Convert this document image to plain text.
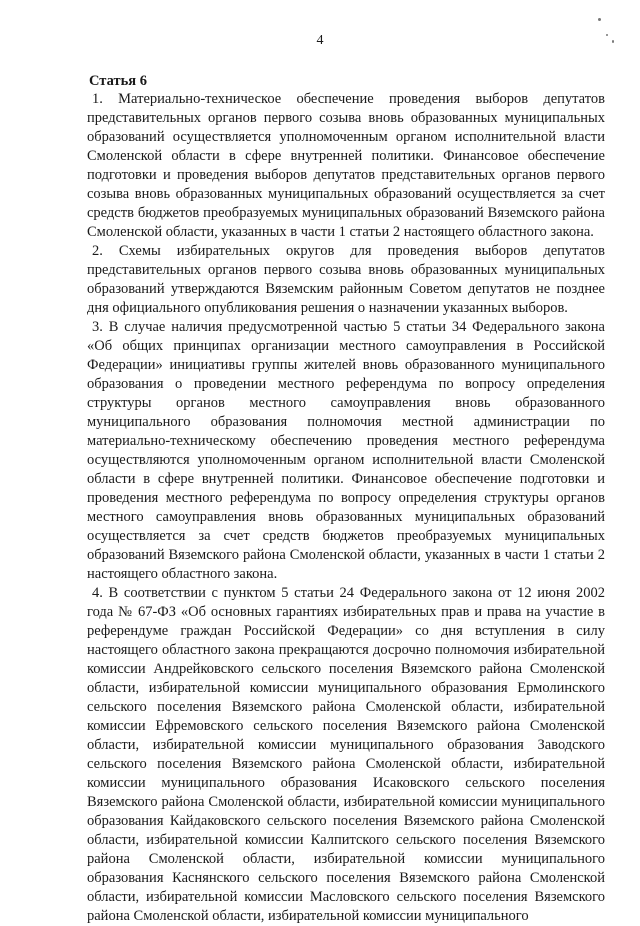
4
Статья 6

1. Материально-техническое обеспечение проведения выборов депутатов представительных органов первого созыва вновь образованных муниципальных образований осуществляется уполномоченным органом исполнительной власти Смоленской области в сфере внутренней политики. Финансовое обеспечение подготовки и проведения выборов депутатов представительных органов первого созыва вновь образованных муниципальных образований осуществляется за счет средств бюджетов преобразуемых муниципальных образований Вяземского района Смоленской области, указанных в части 1 статьи 2 настоящего областного закона.

2. Схемы избирательных округов для проведения выборов депутатов представительных органов первого созыва вновь образованных муниципальных образований утверждаются Вяземским районным Советом депутатов не позднее дня официального опубликования решения о назначении указанных выборов.

3. В случае наличия предусмотренной частью 5 статьи 34 Федерального закона «Об общих принципах организации местного самоуправления в Российской Федерации» инициативы группы жителей вновь образованного муниципального образования о проведении местного референдума по вопросу определения структуры органов местного самоуправления вновь образованного муниципального образования полномочия местной администрации по материально-техническому обеспечению проведения местного референдума осуществляются уполномоченным органом исполнительной власти Смоленской области в сфере внутренней политики. Финансовое обеспечение подготовки и проведения местного референдума по вопросу определения структуры органов местного самоуправления вновь образованных муниципальных образований осуществляется за счет средств бюджетов преобразуемых муниципальных образований Вяземского района Смоленской области, указанных в части 1 статьи 2 настоящего областного закона.

4. В соответствии с пунктом 5 статьи 24 Федерального закона от 12 июня 2002 года № 67-ФЗ «Об основных гарантиях избирательных прав и права на участие в референдуме граждан Российской Федерации» со дня вступления в силу настоящего областного закона прекращаются досрочно полномочия избирательной комиссии Андрейковского сельского поселения Вяземского района Смоленской области, избирательной комиссии муниципального образования Ермолинского сельского поселения Вяземского района Смоленской области, избирательной комиссии Ефремовского сельского поселения Вяземского района Смоленской области, избирательной комиссии муниципального образования Заводского сельского поселения Вяземского района Смоленской области, избирательной комиссии муниципального образования Исаковского сельского поселения Вяземского района Смоленской области, избирательной комиссии муниципального образования Кайдаковского сельского поселения Вяземского района Смоленской области, избирательной комиссии Калпитского сельского поселения Вяземского района Смоленской области, избирательной комиссии муниципального образования Каснянского сельского поселения Вяземского района Смоленской области, избирательной комиссии Масловского сельского поселения Вяземского района Смоленской области, избирательной комиссии муниципального
